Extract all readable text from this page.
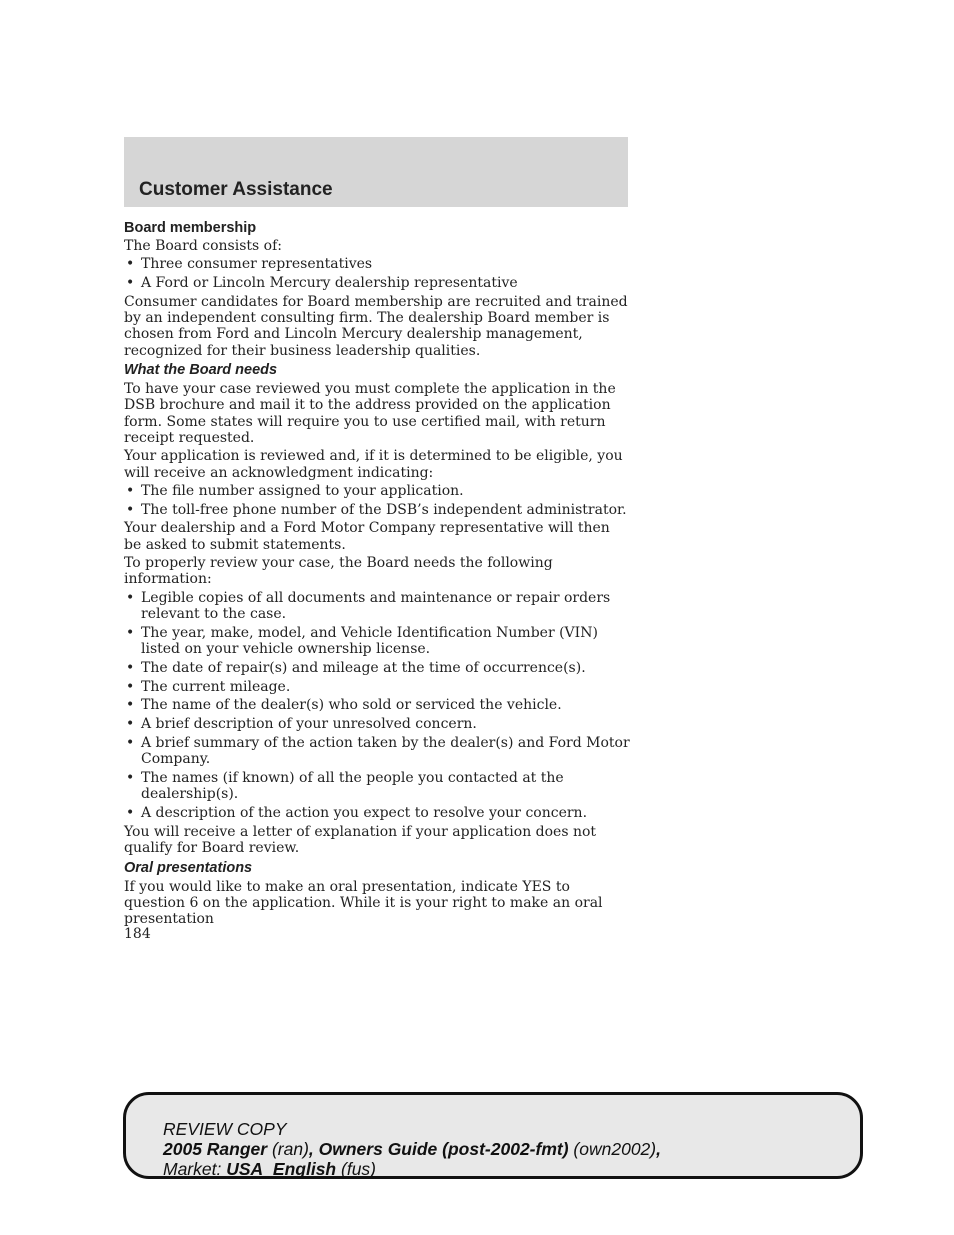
Customer Assistance
Board membership

The Board consists of:

• Three consumer representatives
• A Ford or Lincoln Mercury dealership representative

Consumer candidates for Board membership are recruited and trained by an independent consulting firm. The dealership Board member is chosen from Ford and Lincoln Mercury dealership management, recognized for their business leadership qualities.

What the Board needs

To have your case reviewed you must complete the application in the DSB brochure and mail it to the address provided on the application form. Some states will require you to use certified mail, with return receipt requested.

Your application is reviewed and, if it is determined to be eligible, you will receive an acknowledgment indicating:

• The file number assigned to your application.
• The toll-free phone number of the DSB’s independent administrator.

Your dealership and a Ford Motor Company representative will then be asked to submit statements.

To properly review your case, the Board needs the following information:

• Legible copies of all documents and maintenance or repair orders relevant to the case.
• The year, make, model, and Vehicle Identification Number (VIN) listed on your vehicle ownership license.
• The date of repair(s) and mileage at the time of occurrence(s).
• The current mileage.
• The name of the dealer(s) who sold or serviced the vehicle.
• A brief description of your unresolved concern.
• A brief summary of the action taken by the dealer(s) and Ford Motor Company.
• The names (if known) of all the people you contacted at the dealership(s).
• A description of the action you expect to resolve your concern.

You will receive a letter of explanation if your application does not qualify for Board review.

Oral presentations

If you would like to make an oral presentation, indicate YES to question 6 on the application. While it is your right to make an oral presentation

184
REVIEW COPY
2005 Ranger (ran), Owners Guide (post-2002-fmt) (own2002),
Market: USA_English (fus)
